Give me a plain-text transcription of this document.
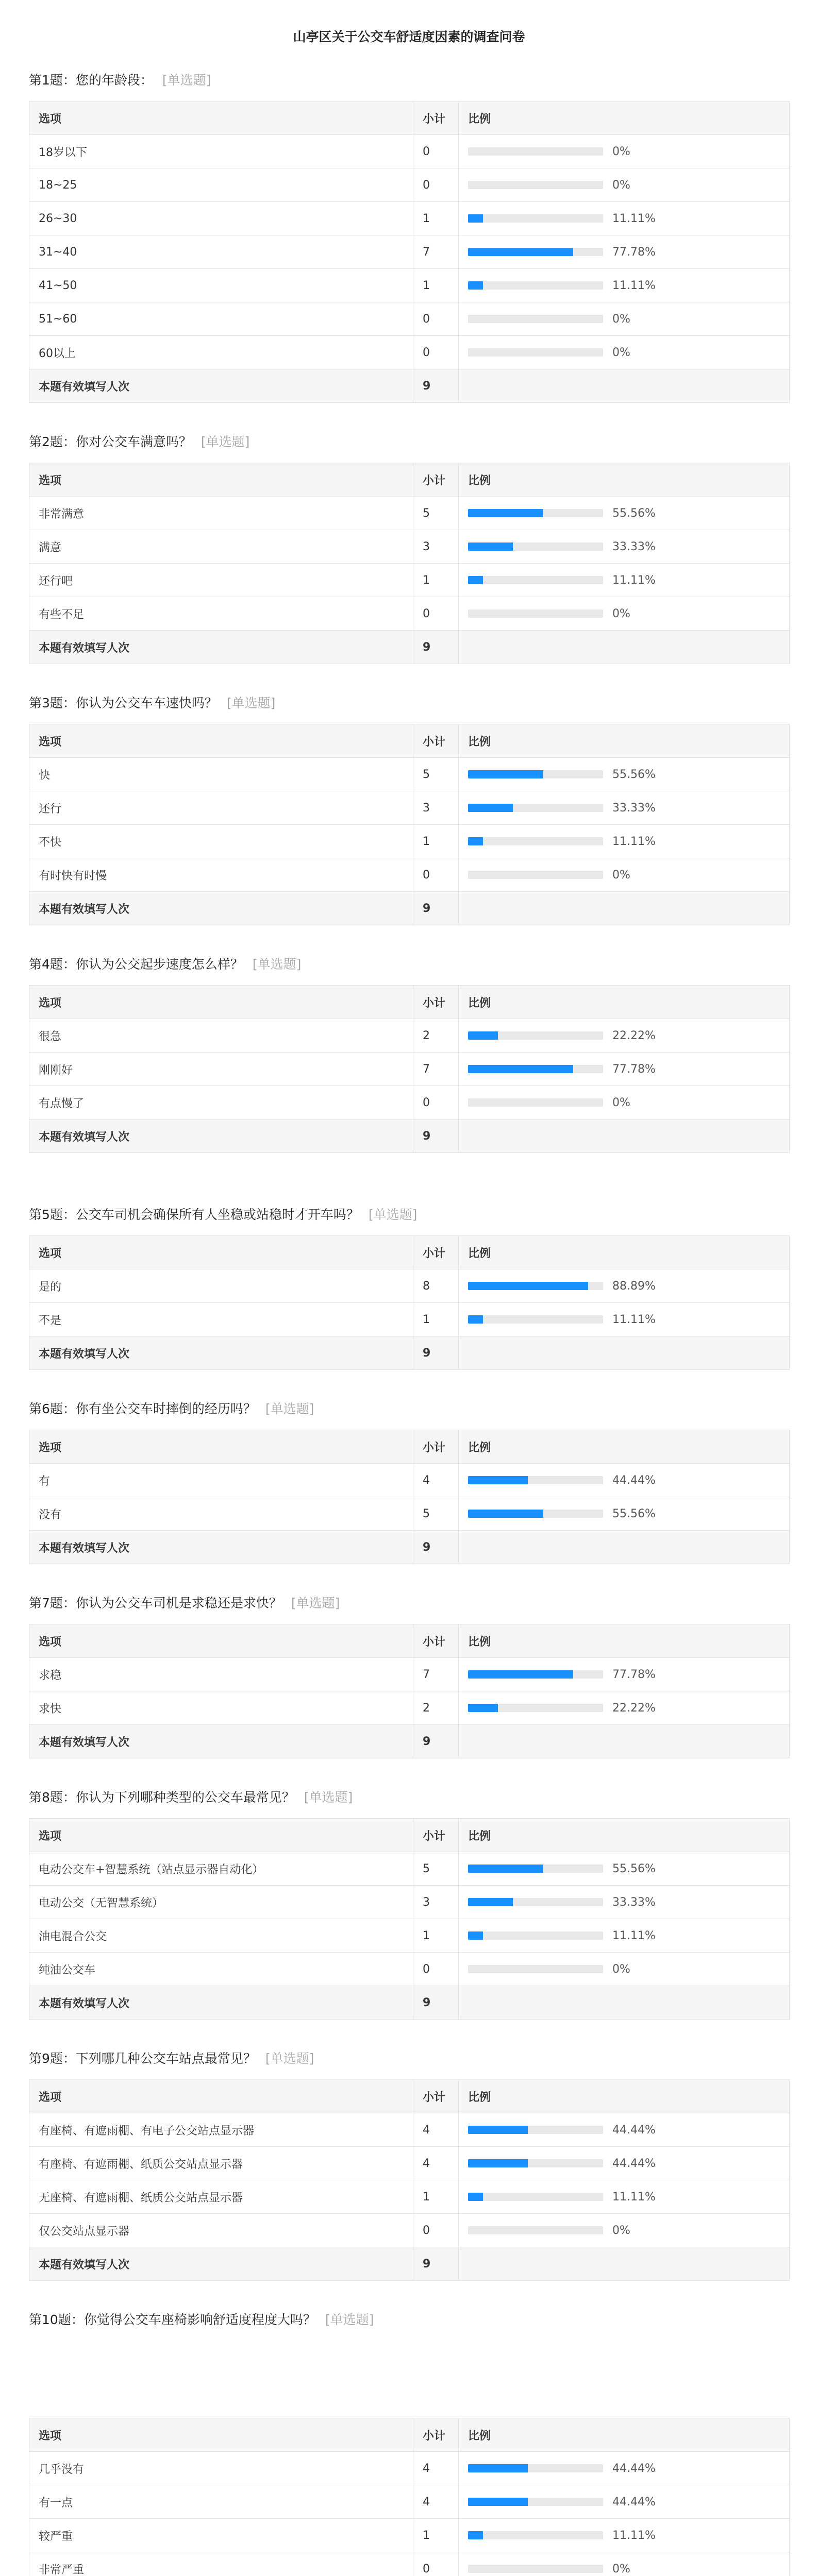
山亭区关于公交车舒适度因素的调查问卷
第1题：您的年龄段： [单选题]
选项	小计	比例
18岁以下	0	0%

18~25	0	0%

26~30	1	11.11%

31~40	7	77.78%

41~50	1	11.11%

51~60	0	0%

60以上	0	0%

本题有效填写人次	9	
第2题：你对公交车满意吗？ [单选题]
选项	小计	比例
非常满意	5	55.56%

满意	3	33.33%

还行吧	1	11.11%

有些不足	0	0%

本题有效填写人次	9	
第3题：你认为公交车车速快吗？ [单选题]
选项	小计	比例
快	5	55.56%

还行	3	33.33%

不快	1	11.11%

有时快有时慢	0	0%

本题有效填写人次	9	
第4题：你认为公交起步速度怎么样？ [单选题]
选项	小计	比例
很急	2	22.22%

刚刚好	7	77.78%

有点慢了	0	0%

本题有效填写人次	9	
第5题：公交车司机会确保所有人坐稳或站稳时才开车吗？ [单选题]
选项	小计	比例
是的	8	88.89%

不是	1	11.11%

本题有效填写人次	9	
第6题：你有坐公交车时摔倒的经历吗？ [单选题]
选项	小计	比例
有	4	44.44%

没有	5	55.56%

本题有效填写人次	9	
第7题：你认为公交车司机是求稳还是求快？ [单选题]
选项	小计	比例
求稳	7	77.78%

求快	2	22.22%

本题有效填写人次	9	
第8题：你认为下列哪种类型的公交车最常见？ [单选题]
选项	小计	比例
电动公交车+智慧系统（站点显示器自动化）	5	55.56%

电动公交（无智慧系统）	3	33.33%

油电混合公交	1	11.11%

纯油公交车	0	0%

本题有效填写人次	9	
第9题：下列哪几种公交车站点最常见？ [单选题]
选项	小计	比例
有座椅、有遮雨棚、有电子公交站点显示器	4	44.44%

有座椅、有遮雨棚、纸质公交站点显示器	4	44.44%

无座椅、有遮雨棚、纸质公交站点显示器	1	11.11%

仅公交站点显示器	0	0%

本题有效填写人次	9	
第10题：你觉得公交车座椅影响舒适度程度大吗？ [单选题]
选项	小计	比例
几乎没有	4	44.44%

有一点	4	44.44%

较严重	1	11.11%

非常严重	0	0%
